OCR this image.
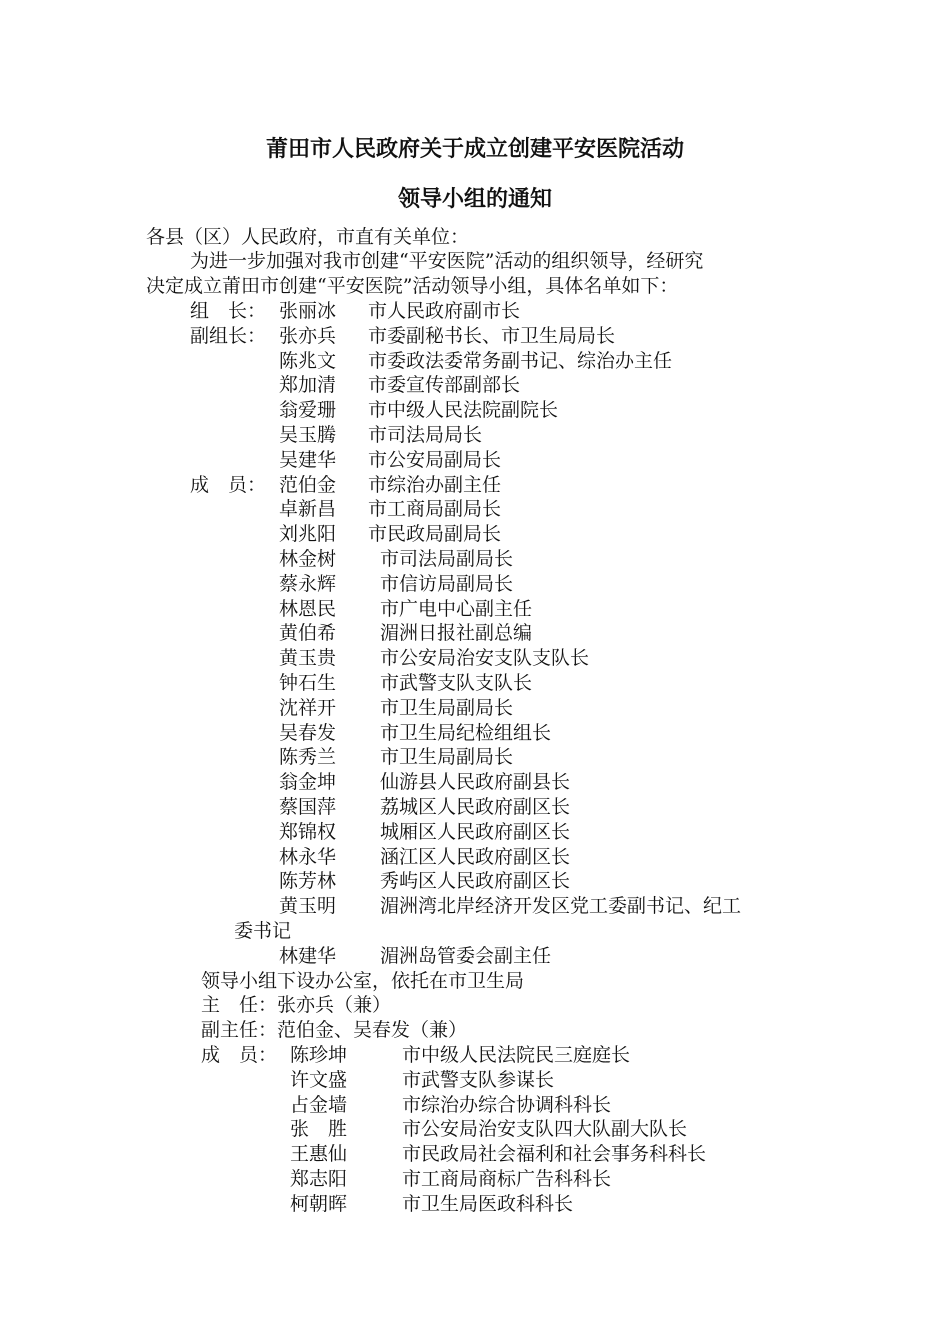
莆田市人民政府关于成立创建平安医院活动
领导小组的通知
各县（区）人民政府，市直有关单位：
为进一步加强对我市创建“平安医院”活动的组织领导，经研究
决定成立莆田市创建“平安医院”活动领导小组，具体名单如下：
组　长： 张丽冰 市人民政府副市长
副组长： 张亦兵 市委副秘书长、市卫生局局长
陈兆文 市委政法委常务副书记、综治办主任
郑加清 市委宣传部副部长
翁爱珊 市中级人民法院副院长
吴玉腾 市司法局局长
吴建华 市公安局副局长
成　员： 范伯金 市综治办副主任
卓新昌 市工商局副局长
刘兆阳 市民政局副局长
林金树 市司法局副局长
蔡永辉 市信访局副局长
林恩民 市广电中心副主任
黄伯希 湄洲日报社副总编
黄玉贵 市公安局治安支队支队长
钟石生 市武警支队支队长
沈祥开 市卫生局副局长
吴春发 市卫生局纪检组组长
陈秀兰 市卫生局副局长
翁金坤 仙游县人民政府副县长
蔡国萍 荔城区人民政府副区长
郑锦权 城厢区人民政府副区长
林永华 涵江区人民政府副区长
陈芳林 秀屿区人民政府副区长
黄玉明 湄洲湾北岸经济开发区党工委副书记、纪工
委书记
林建华 湄洲岛管委会副主任
领导小组下设办公室，依托在市卫生局
主　任：张亦兵（兼）
副主任：范伯金、吴春发（兼）
成　员： 陈珍坤	市中级人民法院民三庭庭长
许文盛	市武警支队参谋长
占金墙	市综治办综合协调科科长
张　胜	市公安局治安支队四大队副大队长
王惠仙	市民政局社会福利和社会事务科科长
郑志阳	市工商局商标广告科科长
柯朝晖	市卫生局医政科科长
